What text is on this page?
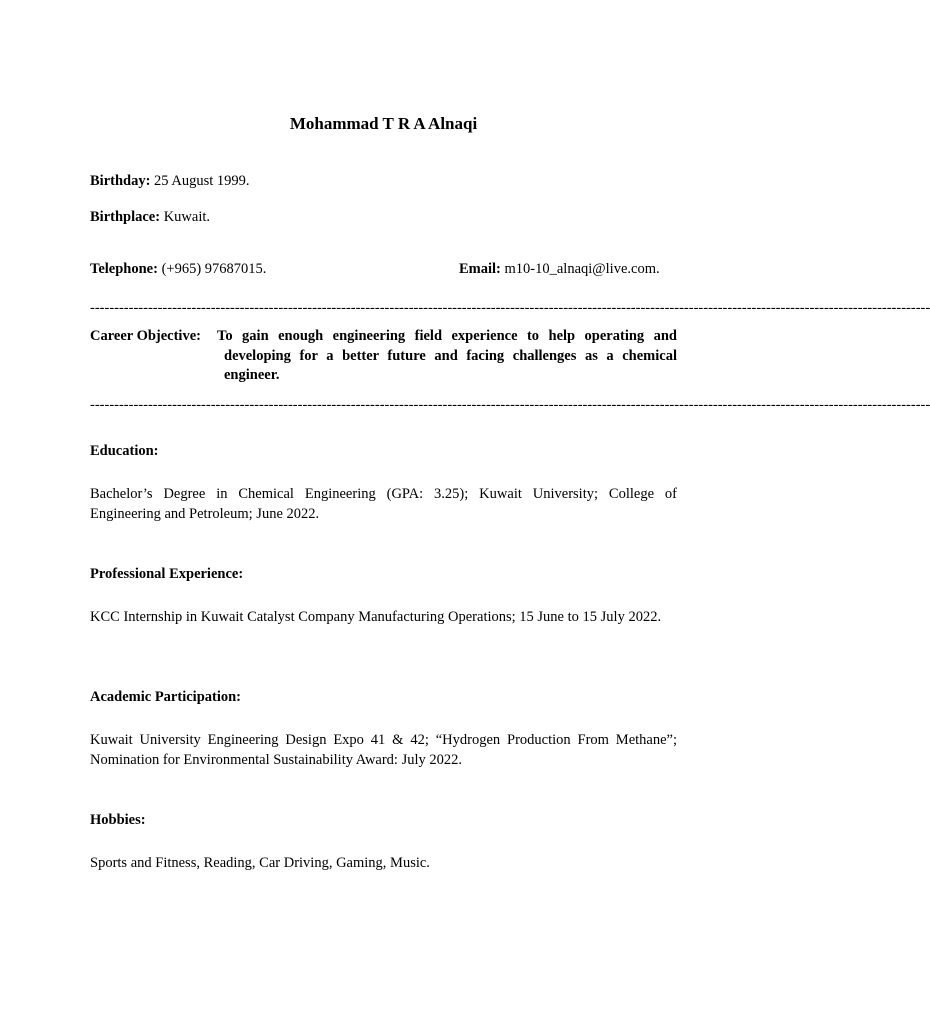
Mohammad T R A Alnaqi
Birthday: 25 August 1999.
Birthplace: Kuwait.
Telephone: (+965) 97687015.	Email: m10-10_alnaqi@live.com.
------------------------------------------------------------------------------------------------------------------------------------------------------------------------------
Career Objective: To gain enough engineering field experience to help operating and developing for a better future and facing challenges as a chemical engineer.
------------------------------------------------------------------------------------------------------------------------------------------------------------------------------
Education:
Bachelor’s Degree in Chemical Engineering (GPA: 3.25); Kuwait University; College of Engineering and Petroleum; June 2022.
Professional Experience:
KCC Internship in Kuwait Catalyst Company Manufacturing Operations; 15 June to 15 July 2022.
Academic Participation:
Kuwait University Engineering Design Expo 41 & 42; “Hydrogen Production From Methane”; Nomination for Environmental Sustainability Award: July 2022.
Hobbies:
Sports and Fitness, Reading, Car Driving, Gaming, Music.
